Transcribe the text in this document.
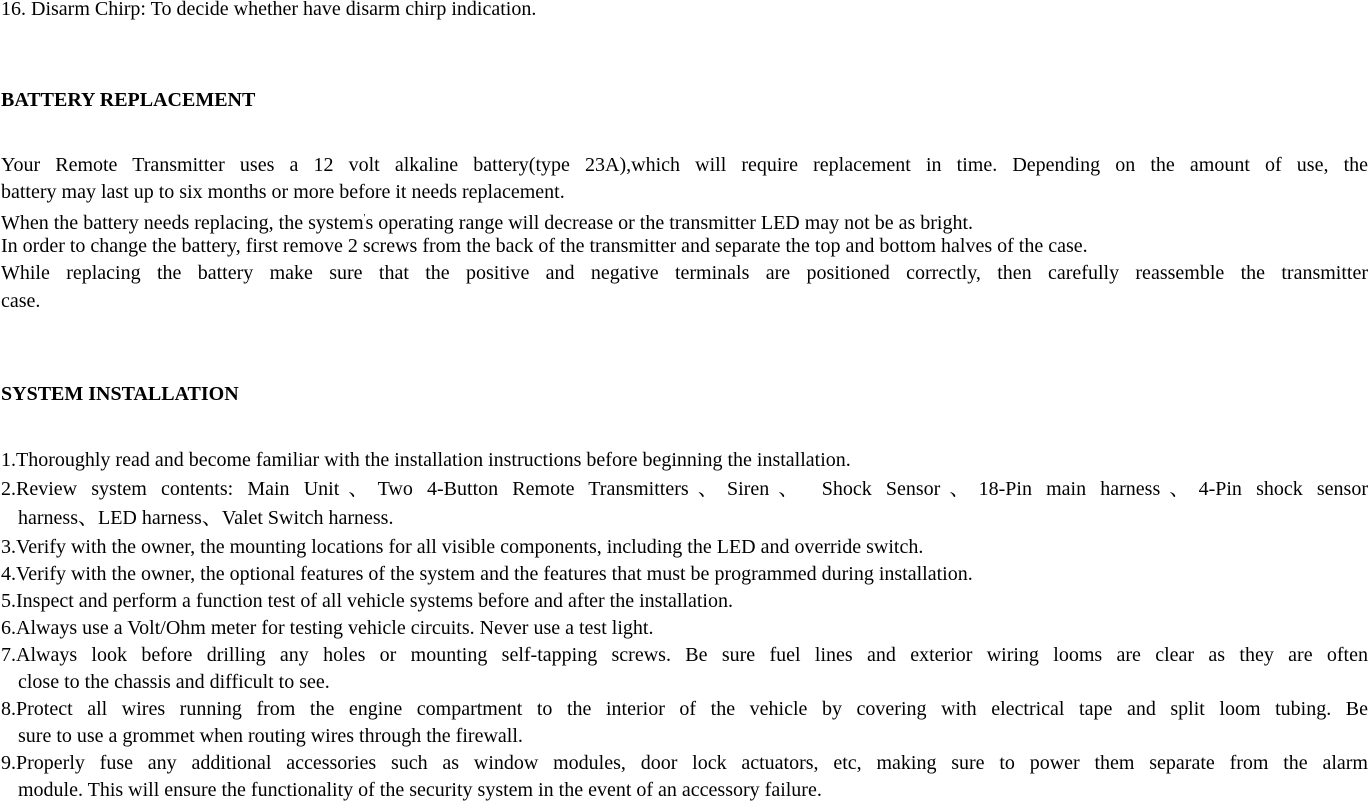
16. Disarm Chirp: To decide whether have disarm chirp indication.
BATTERY REPLACEMENT
Your Remote Transmitter uses a 12 volt alkaline battery(type 23A),which will require replacement in time. Depending on the amount of use, the
battery may last up to six months or more before it needs replacement.
When the battery needs replacing, the system's operating range will decrease or the transmitter LED may not be as bright.
In order to change the battery, first remove 2 screws from the back of the transmitter and separate the top and bottom halves of the case.
While replacing the battery make sure that the positive and negative terminals are positioned correctly, then carefully reassemble the transmitter
case.
SYSTEM INSTALLATION
1.Thoroughly read and become familiar with the installation instructions before beginning the installation.
2.Review system contents: Main Unit、Two 4-Button Remote Transmitters、Siren、 Shock Sensor、18-Pin main harness、4-Pin shock sensor
harness、LED harness、Valet Switch harness.
3.Verify with the owner, the mounting locations for all visible components, including the LED and override switch.
4.Verify with the owner, the optional features of the system and the features that must be programmed during installation.
5.Inspect and perform a function test of all vehicle systems before and after the installation.
6.Always use a Volt/Ohm meter for testing vehicle circuits. Never use a test light.
7.Always look before drilling any holes or mounting self-tapping screws. Be sure fuel lines and exterior wiring looms are clear as they are often
close to the chassis and difficult to see.
8.Protect all wires running from the engine compartment to the interior of the vehicle by covering with electrical tape and split loom tubing. Be
sure to use a grommet when routing wires through the firewall.
9.Properly fuse any additional accessories such as window modules, door lock actuators, etc, making sure to power them separate from the alarm
module. This will ensure the functionality of the security system in the event of an accessory failure.
